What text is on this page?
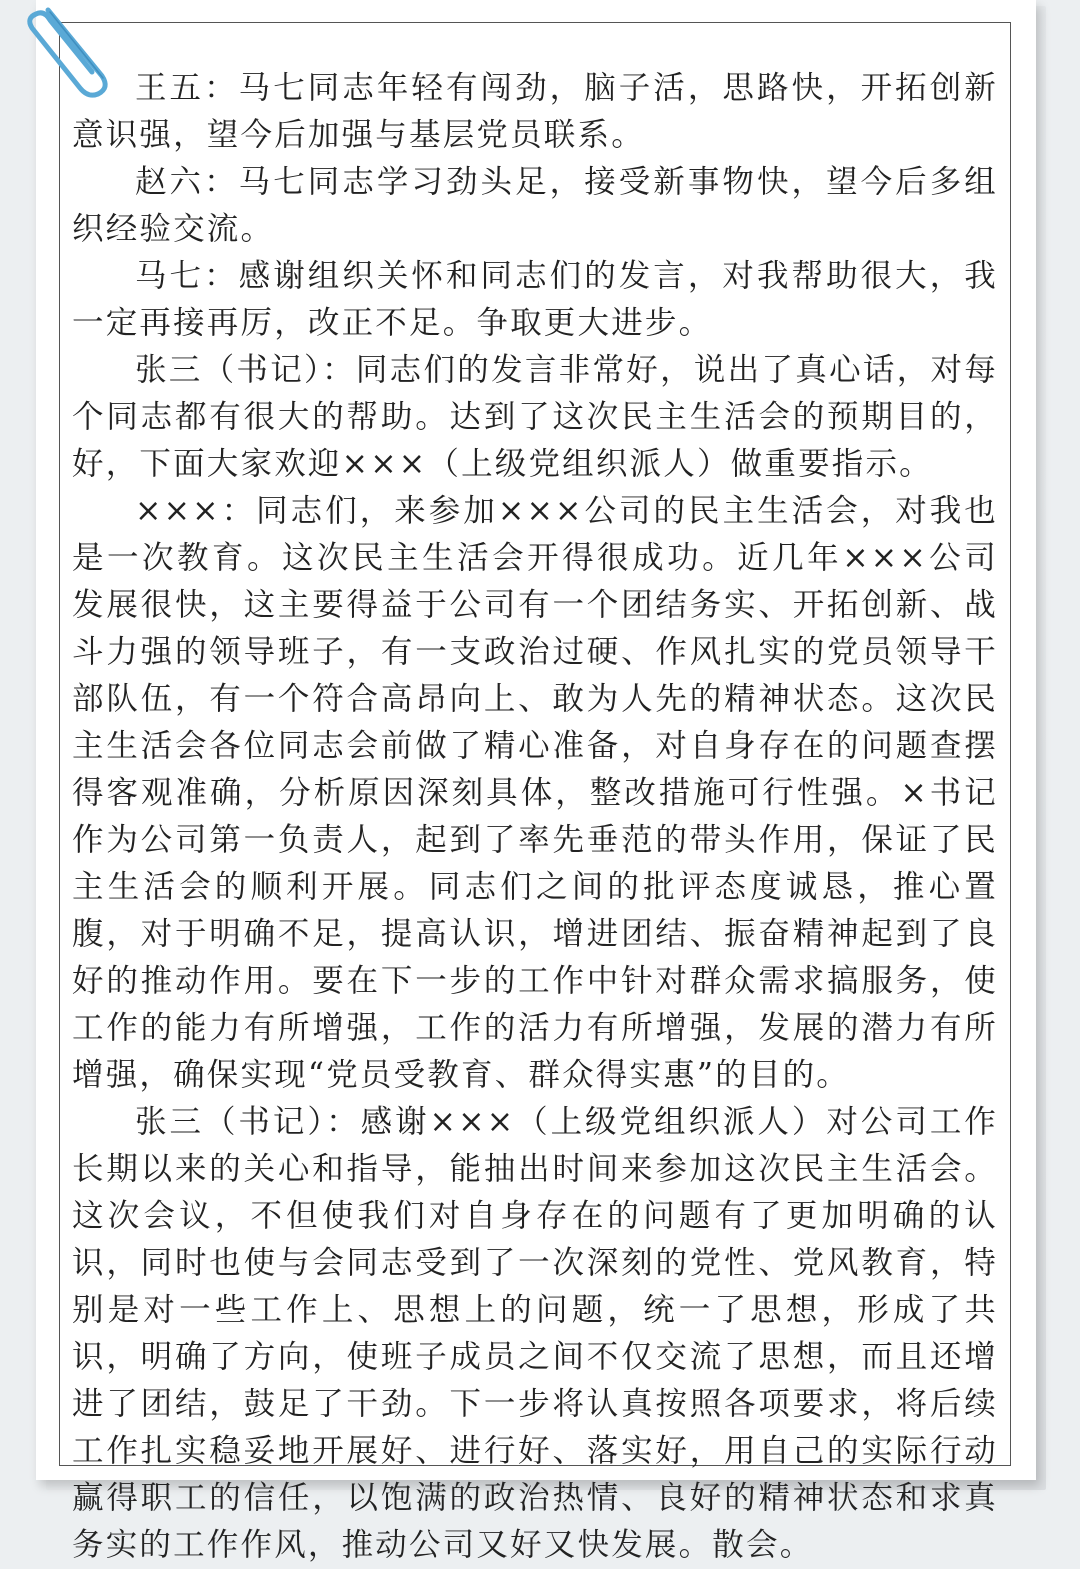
王五：马七同志年轻有闯劲，脑子活，思路快，开拓创新意识强，望今后加强与基层党员联系。

赵六：马七同志学习劲头足，接受新事物快，望今后多组织经验交流。

马七：感谢组织关怀和同志们的发言，对我帮助很大，我一定再接再厉，改正不足。争取更大进步。

张三（书记）：同志们的发言非常好，说出了真心话，对每个同志都有很大的帮助。达到了这次民主生活会的预期目的，好，下面大家欢迎×××（上级党组织派人）做重要指示。

×××：同志们，来参加×××公司的民主生活会，对我也是一次教育。这次民主生活会开得很成功。近几年×××公司发展很快，这主要得益于公司有一个团结务实、开拓创新、战斗力强的领导班子，有一支政治过硬、作风扎实的党员领导干部队伍，有一个符合高昂向上、敢为人先的精神状态。这次民主生活会各位同志会前做了精心准备，对自身存在的问题查摆得客观准确，分析原因深刻具体，整改措施可行性强。×书记作为公司第一负责人，起到了率先垂范的带头作用，保证了民主生活会的顺利开展。同志们之间的批评态度诚恳，推心置腹，对于明确不足，提高认识，增进团结、振奋精神起到了良好的推动作用。要在下一步的工作中针对群众需求搞服务，使工作的能力有所增强，工作的活力有所增强，发展的潜力有所增强，确保实现“党员受教育、群众得实惠”的目的。

张三（书记）：感谢×××（上级党组织派人）对公司工作长期以来的关心和指导，能抽出时间来参加这次民主生活会。这次会议，不但使我们对自身存在的问题有了更加明确的认识，同时也使与会同志受到了一次深刻的党性、党风教育，特别是对一些工作上、思想上的问题，统一了思想，形成了共识，明确了方向，使班子成员之间不仅交流了思想，而且还增进了团结，鼓足了干劲。下一步将认真按照各项要求，将后续工作扎实稳妥地开展好、进行好、落实好，用自己的实际行动赢得职工的信任，以饱满的政治热情、良好的精神状态和求真务实的工作作风，推动公司又好又快发展。散会。
